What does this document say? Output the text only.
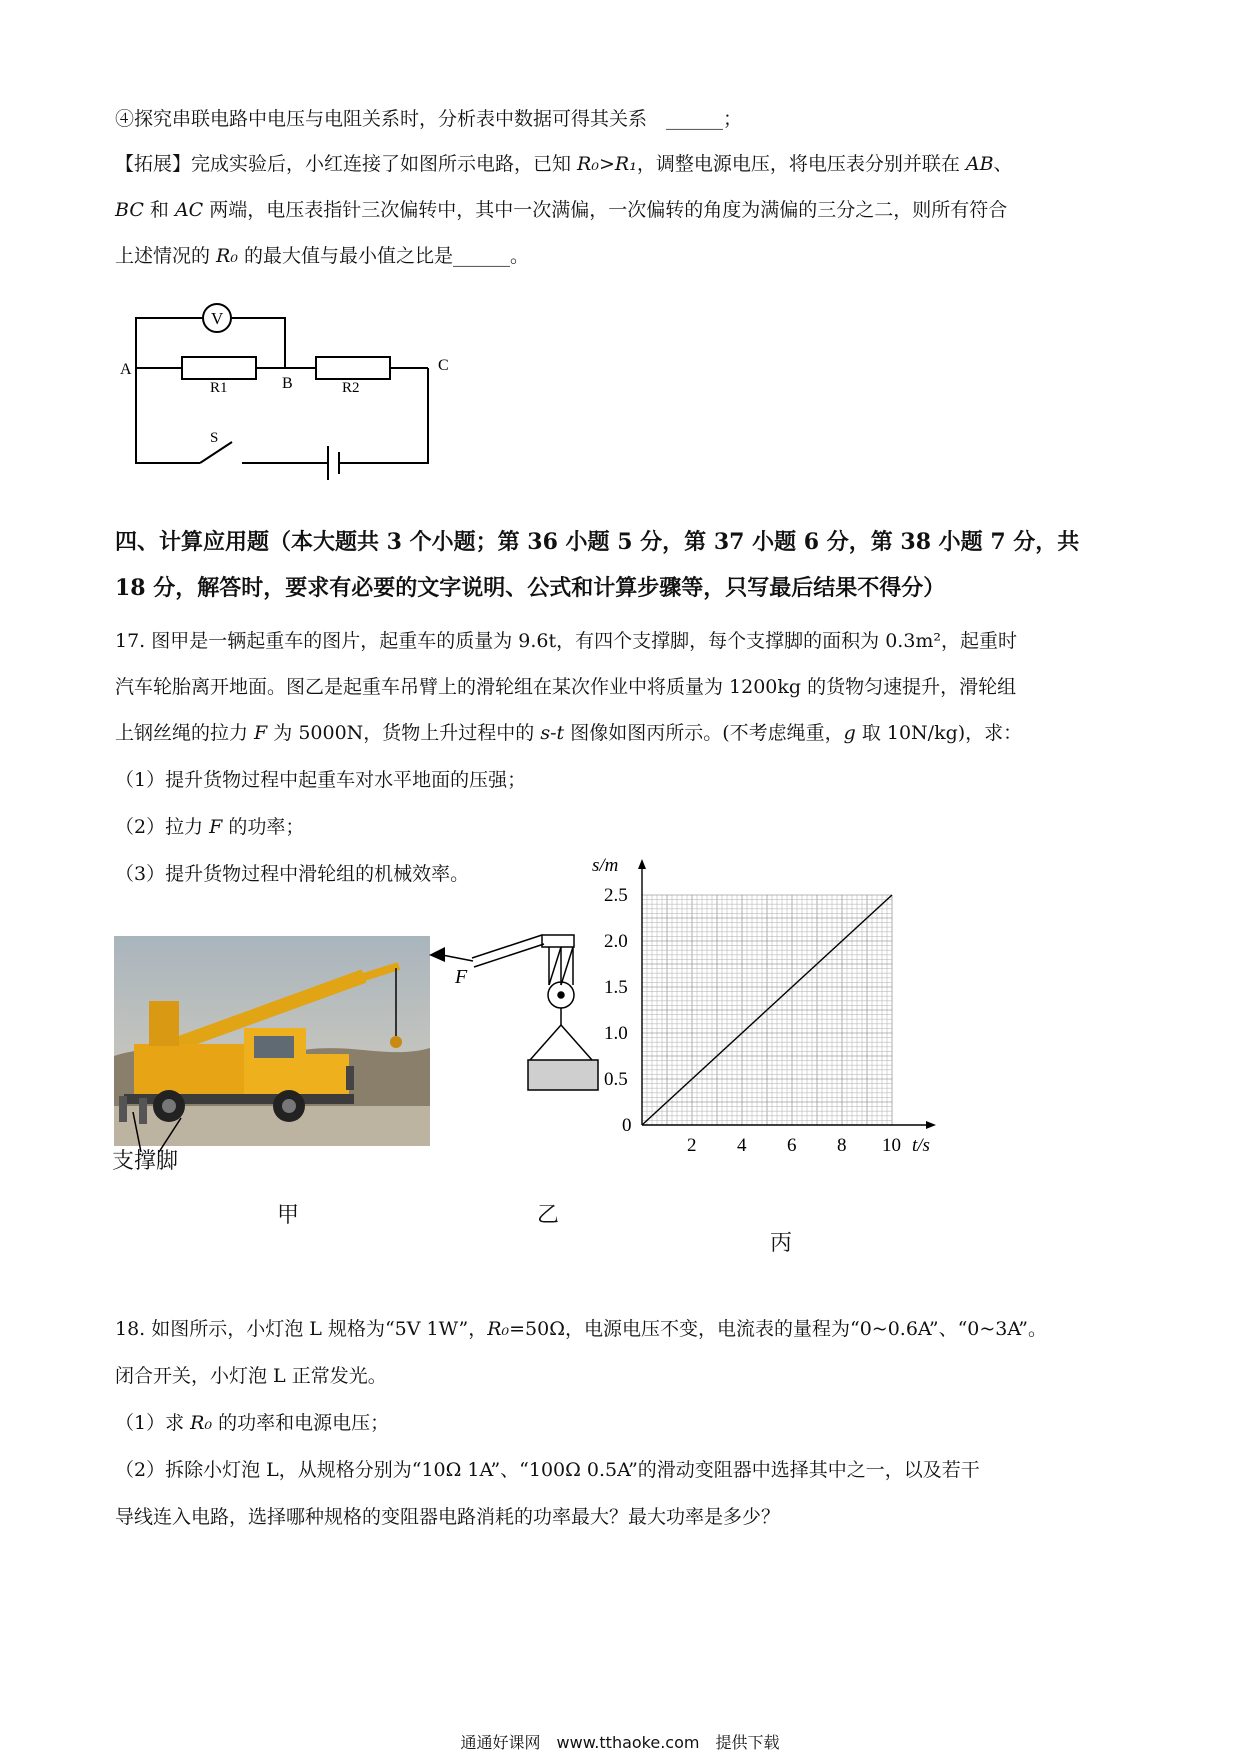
④探究串联电路中电压与电阻关系时，分析表中数据可得其关系　______；
【拓展】完成实验后，小红连接了如图所示电路，已知 R₀>R₁，调整电源电压，将电压表分别并联在 AB、
BC 和 AC 两端，电压表指针三次偏转中，其中一次满偏，一次偏转的角度为满偏的三分之二，则所有符合
上述情况的 R₀ 的最大值与最小值之比是______。
V
A
B
C
R1	R2
S
四、计算应用题（本大题共 3 个小题；第 36 小题 5 分，第 37 小题 6 分，第 38 小题 7 分，共
18 分，解答时，要求有必要的文字说明、公式和计算步骤等，只写最后结果不得分）
17. 图甲是一辆起重车的图片，起重车的质量为 9.6t，有四个支撑脚，每个支撑脚的面积为 0.3m²，起重时
汽车轮胎离开地面。图乙是起重车吊臂上的滑轮组在某次作业中将质量为 1200kg 的货物匀速提升，滑轮组
上钢丝绳的拉力 F 为 5000N，货物上升过程中的 s-t 图像如图丙所示。(不考虑绳重，g 取 10N/kg)，求：
（1）提升货物过程中起重车对水平地面的压强；
（2）拉力 F 的功率；
（3）提升货物过程中滑轮组的机械效率。
支撑脚
甲
F
乙
2 4 6 8 10
0.5
1.0
1.5
2.0
2.5
s/m
t/s
0
丙
18. 如图所示，小灯泡 L 规格为“5V 1W”，R₀=50Ω，电源电压不变，电流表的量程为“0~0.6A”、“0~3A”。
闭合开关，小灯泡 L 正常发光。
（1）求 R₀ 的功率和电源电压；
（2）拆除小灯泡 L，从规格分别为“10Ω 1A”、“100Ω 0.5A”的滑动变阻器中选择其中之一，以及若干
导线连入电路，选择哪种规格的变阻器电路消耗的功率最大？最大功率是多少？
通通好课网　www.tthaoke.com　提供下载
